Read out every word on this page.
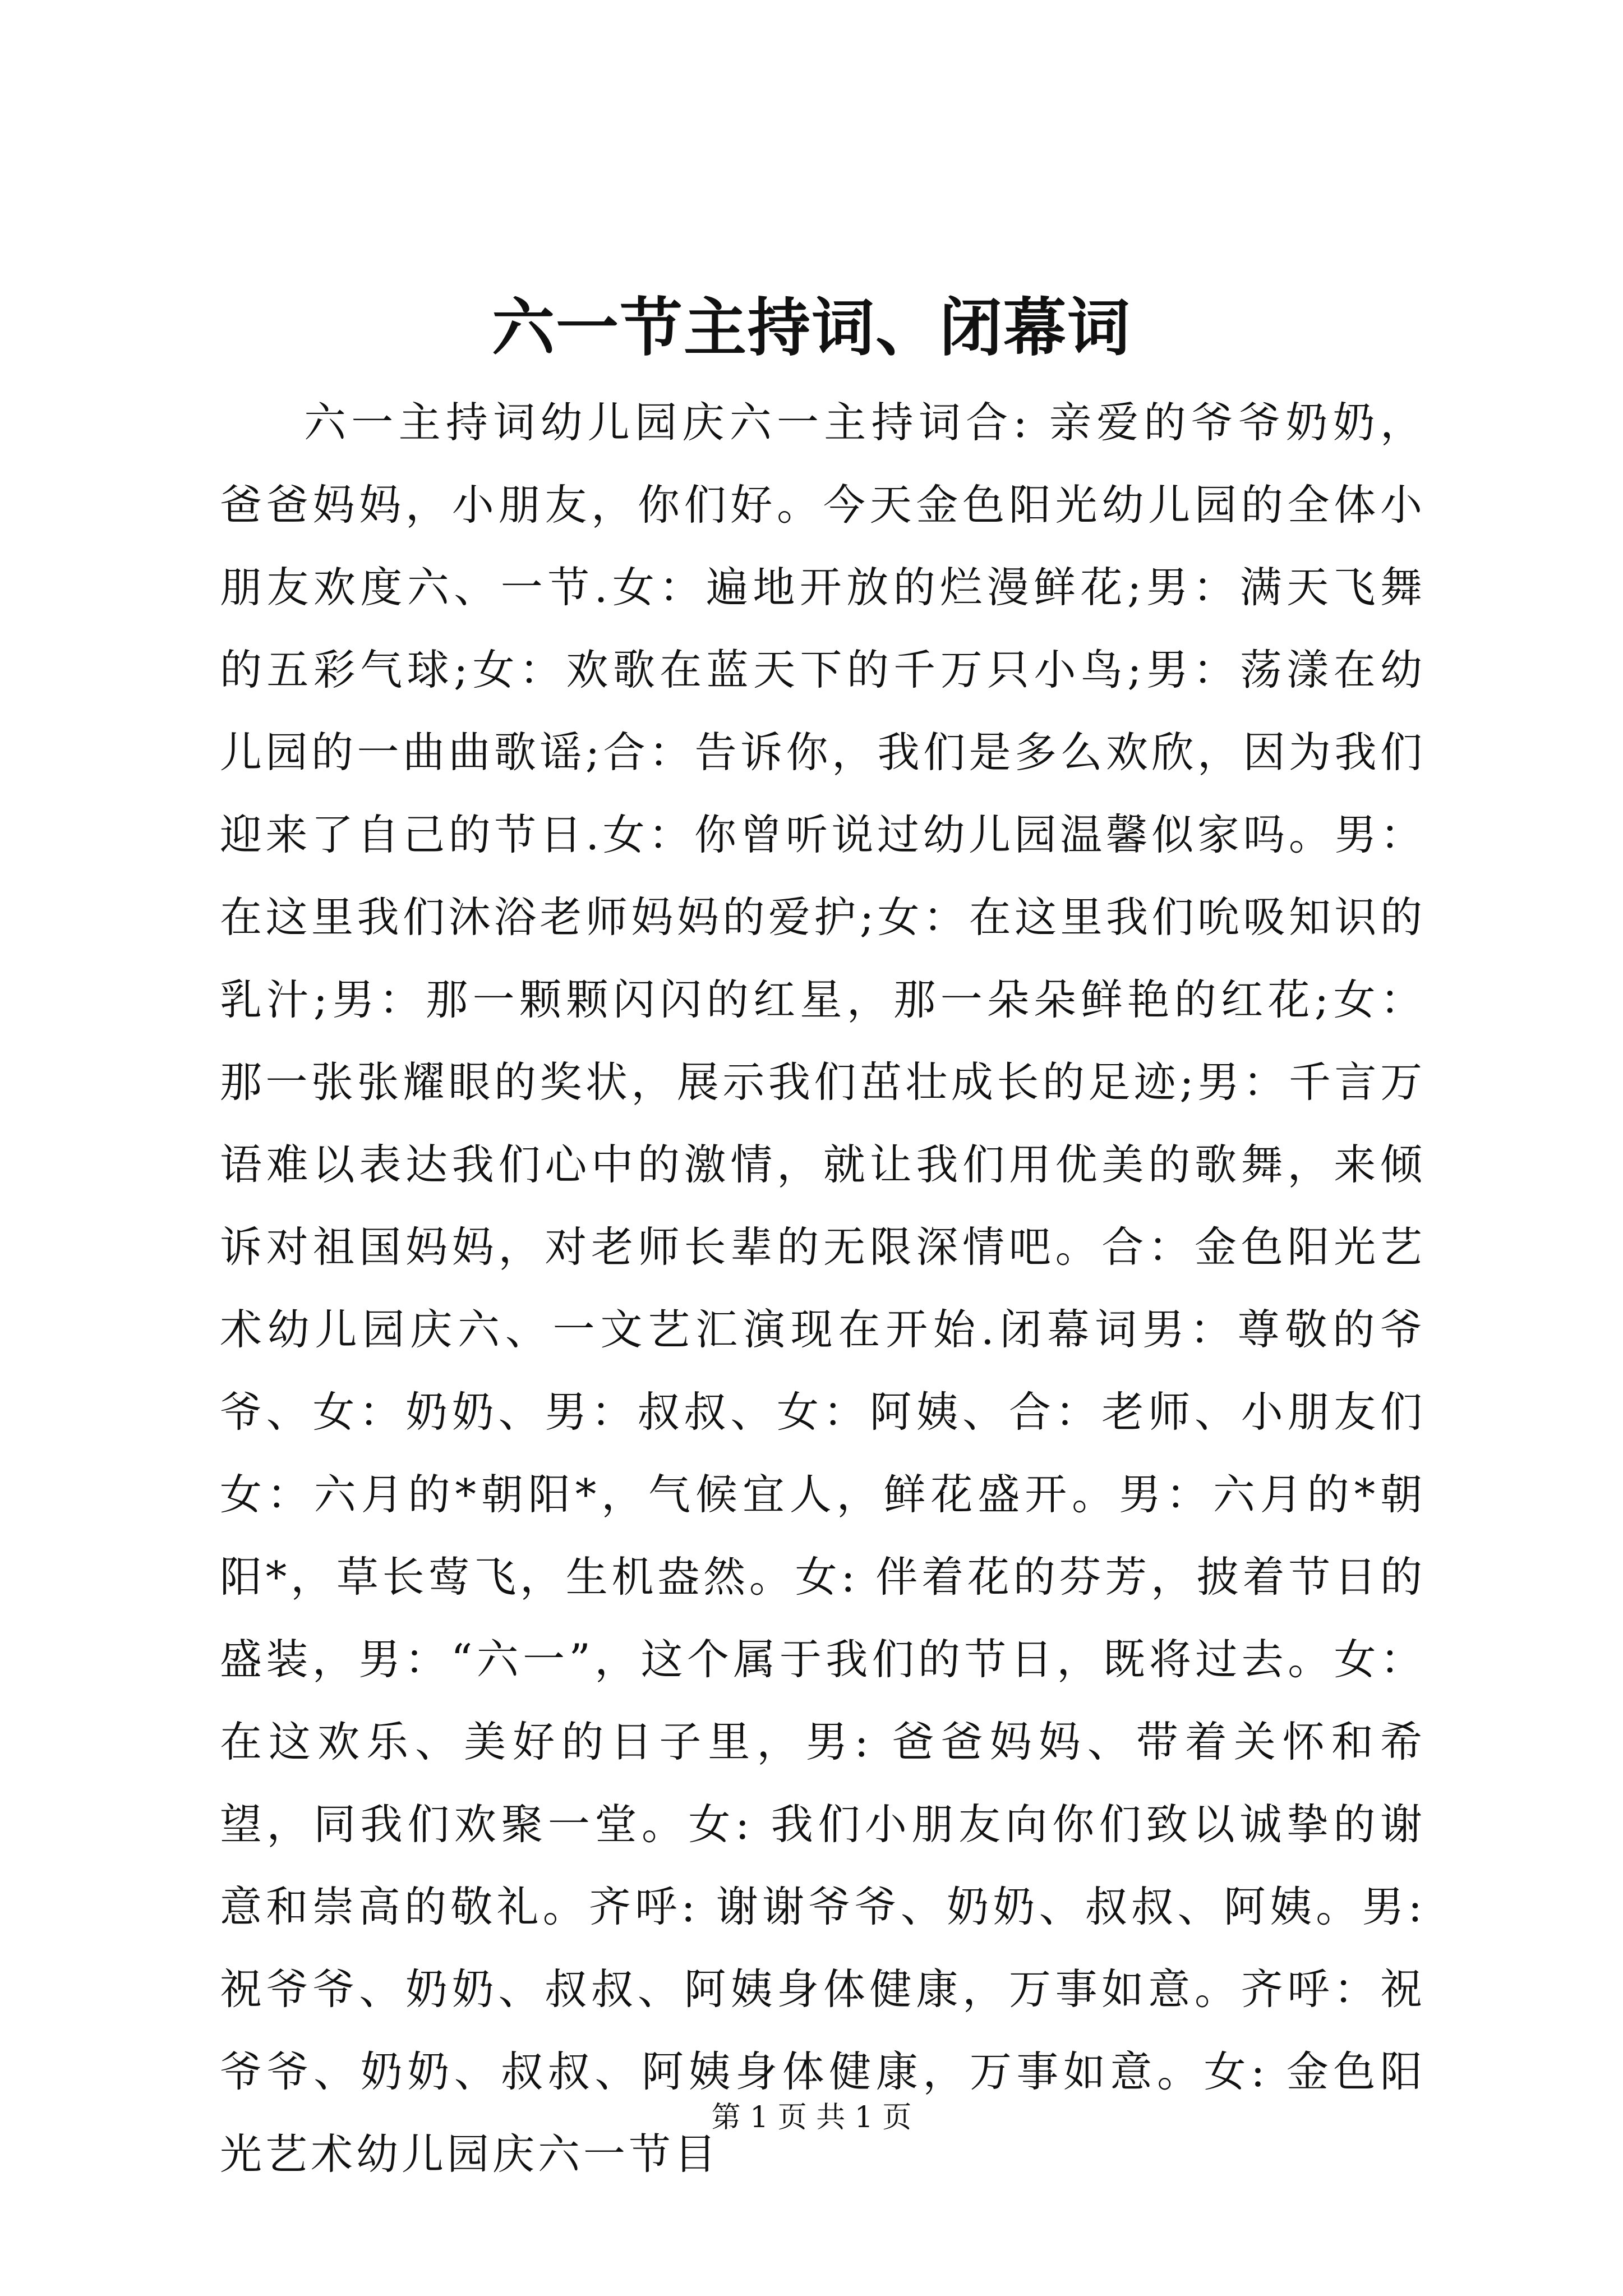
六一节主持词、闭幕词

六一主持词幼儿园庆六一主持词合: 亲爱的爷爷奶奶，爸爸妈妈，小朋友，你们好。今天金色阳光幼儿园的全体小朋友欢度六、一节.女：遍地开放的烂漫鲜花;男：满天飞舞的五彩气球;女：欢歌在蓝天下的千万只小鸟;男：荡漾在幼儿园的一曲曲歌谣;合：告诉你，我们是多么欢欣，因为我们迎来了自己的节日.女：你曾听说过幼儿园温馨似家吗。男：在这里我们沐浴老师妈妈的爱护;女：在这里我们吮吸知识的乳汁;男：那一颗颗闪闪的红星，那一朵朵鲜艳的红花;女：那一张张耀眼的奖状，展示我们茁壮成长的足迹;男：千言万语难以表达我们心中的激情，就让我们用优美的歌舞，来倾诉对祖国妈妈，对老师长辈的无限深情吧。合：金色阳光艺术幼儿园庆六、一文艺汇演现在开始.闭幕词男：尊敬的爷爷、女：奶奶、男：叔叔、女：阿姨、合：老师、小朋友们女：六月的*朝阳*，气候宜人，鲜花盛开。男：六月的*朝阳*，草长莺飞，生机盎然。女: 伴着花的芬芳，披着节日的盛装，男：“六一”，这个属于我们的节日，既将过去。女：在这欢乐、美好的日子里，男: 爸爸妈妈、带着关怀和希望，同我们欢聚一堂。女: 我们小朋友向你们致以诚挚的谢意和崇高的敬礼。齐呼: 谢谢爷爷、奶奶、叔叔、阿姨。男: 祝爷爷、奶奶、叔叔、阿姨身体健康，万事如意。齐呼：祝爷爷、奶奶、叔叔、阿姨身体健康，万事如意。女: 金色阳光艺术幼儿园庆六一节目

第 1 页 共 1 页
